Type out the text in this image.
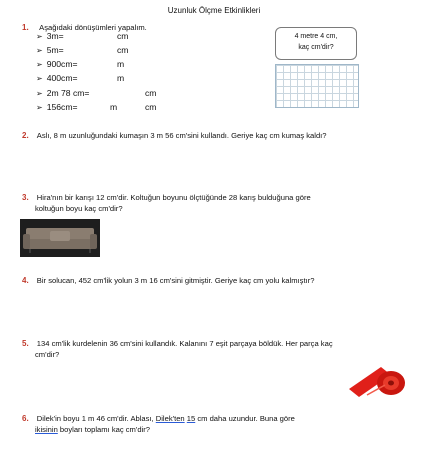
Uzunluk Ölçme Etkinlikleri
1. Aşağıdaki dönüşümleri yapalım.
➢ 3m=	cm
➢ 5m=	cm
➢ 900cm=	m
➢ 400cm=	m
➢ 2m 78 cm=	cm
➢ 156cm=	m	cm
4 metre 4 cm,
kaç cm'dir?
2. Aslı, 8 m uzunluğundaki kumaşın 3 m 56 cm'sini kullandı. Geriye kaç cm kumaş kaldı?
3. Hira'nın bir karışı 12 cm'dir. Koltuğun boyunu ölçtüğünde 28 karış bulduğuna göre
koltuğun boyu kaç cm'dir?
4. Bir solucan, 452 cm'lik yolun 3 m 16 cm'sini gitmiştir. Geriye kaç cm yolu kalmıştır?
5. 134 cm'lik kurdelenin 36 cm'sini kullandık. Kalanını 7 eşit parçaya böldük. Her parça kaç
cm'dir?
6. Dilek'in boyu 1 m 46 cm'dir. Ablası, Dilek'ten 15 cm daha uzundur. Buna göre
ikisinin boyları toplamı kaç cm'dir?
